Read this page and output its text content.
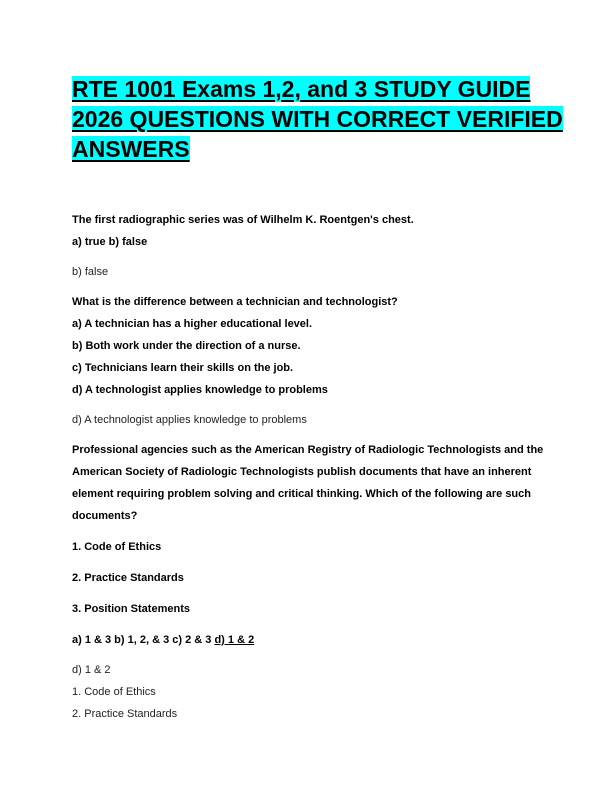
RTE 1001 Exams 1,2, and 3 STUDY GUIDE
2026 QUESTIONS WITH CORRECT VERIFIED
ANSWERS

The first radiographic series was of Wilhelm K. Roentgen's chest.

a) true b) false

b) false

What is the difference between a technician and technologist?

a) A technician has a higher educational level.

b) Both work under the direction of a nurse.

c) Technicians learn their skills on the job.

d) A technologist applies knowledge to problems

d) A technologist applies knowledge to problems

Professional agencies such as the American Registry of Radiologic Technologists and the

American Society of Radiologic Technologists publish documents that have an inherent

element requiring problem solving and critical thinking. Which of the following are such

documents?

1. Code of Ethics

2. Practice Standards

3. Position Statements

a) 1 & 3 b) 1, 2, & 3 c) 2 & 3 d) 1 & 2

d) 1 & 2

1. Code of Ethics

2. Practice Standards
